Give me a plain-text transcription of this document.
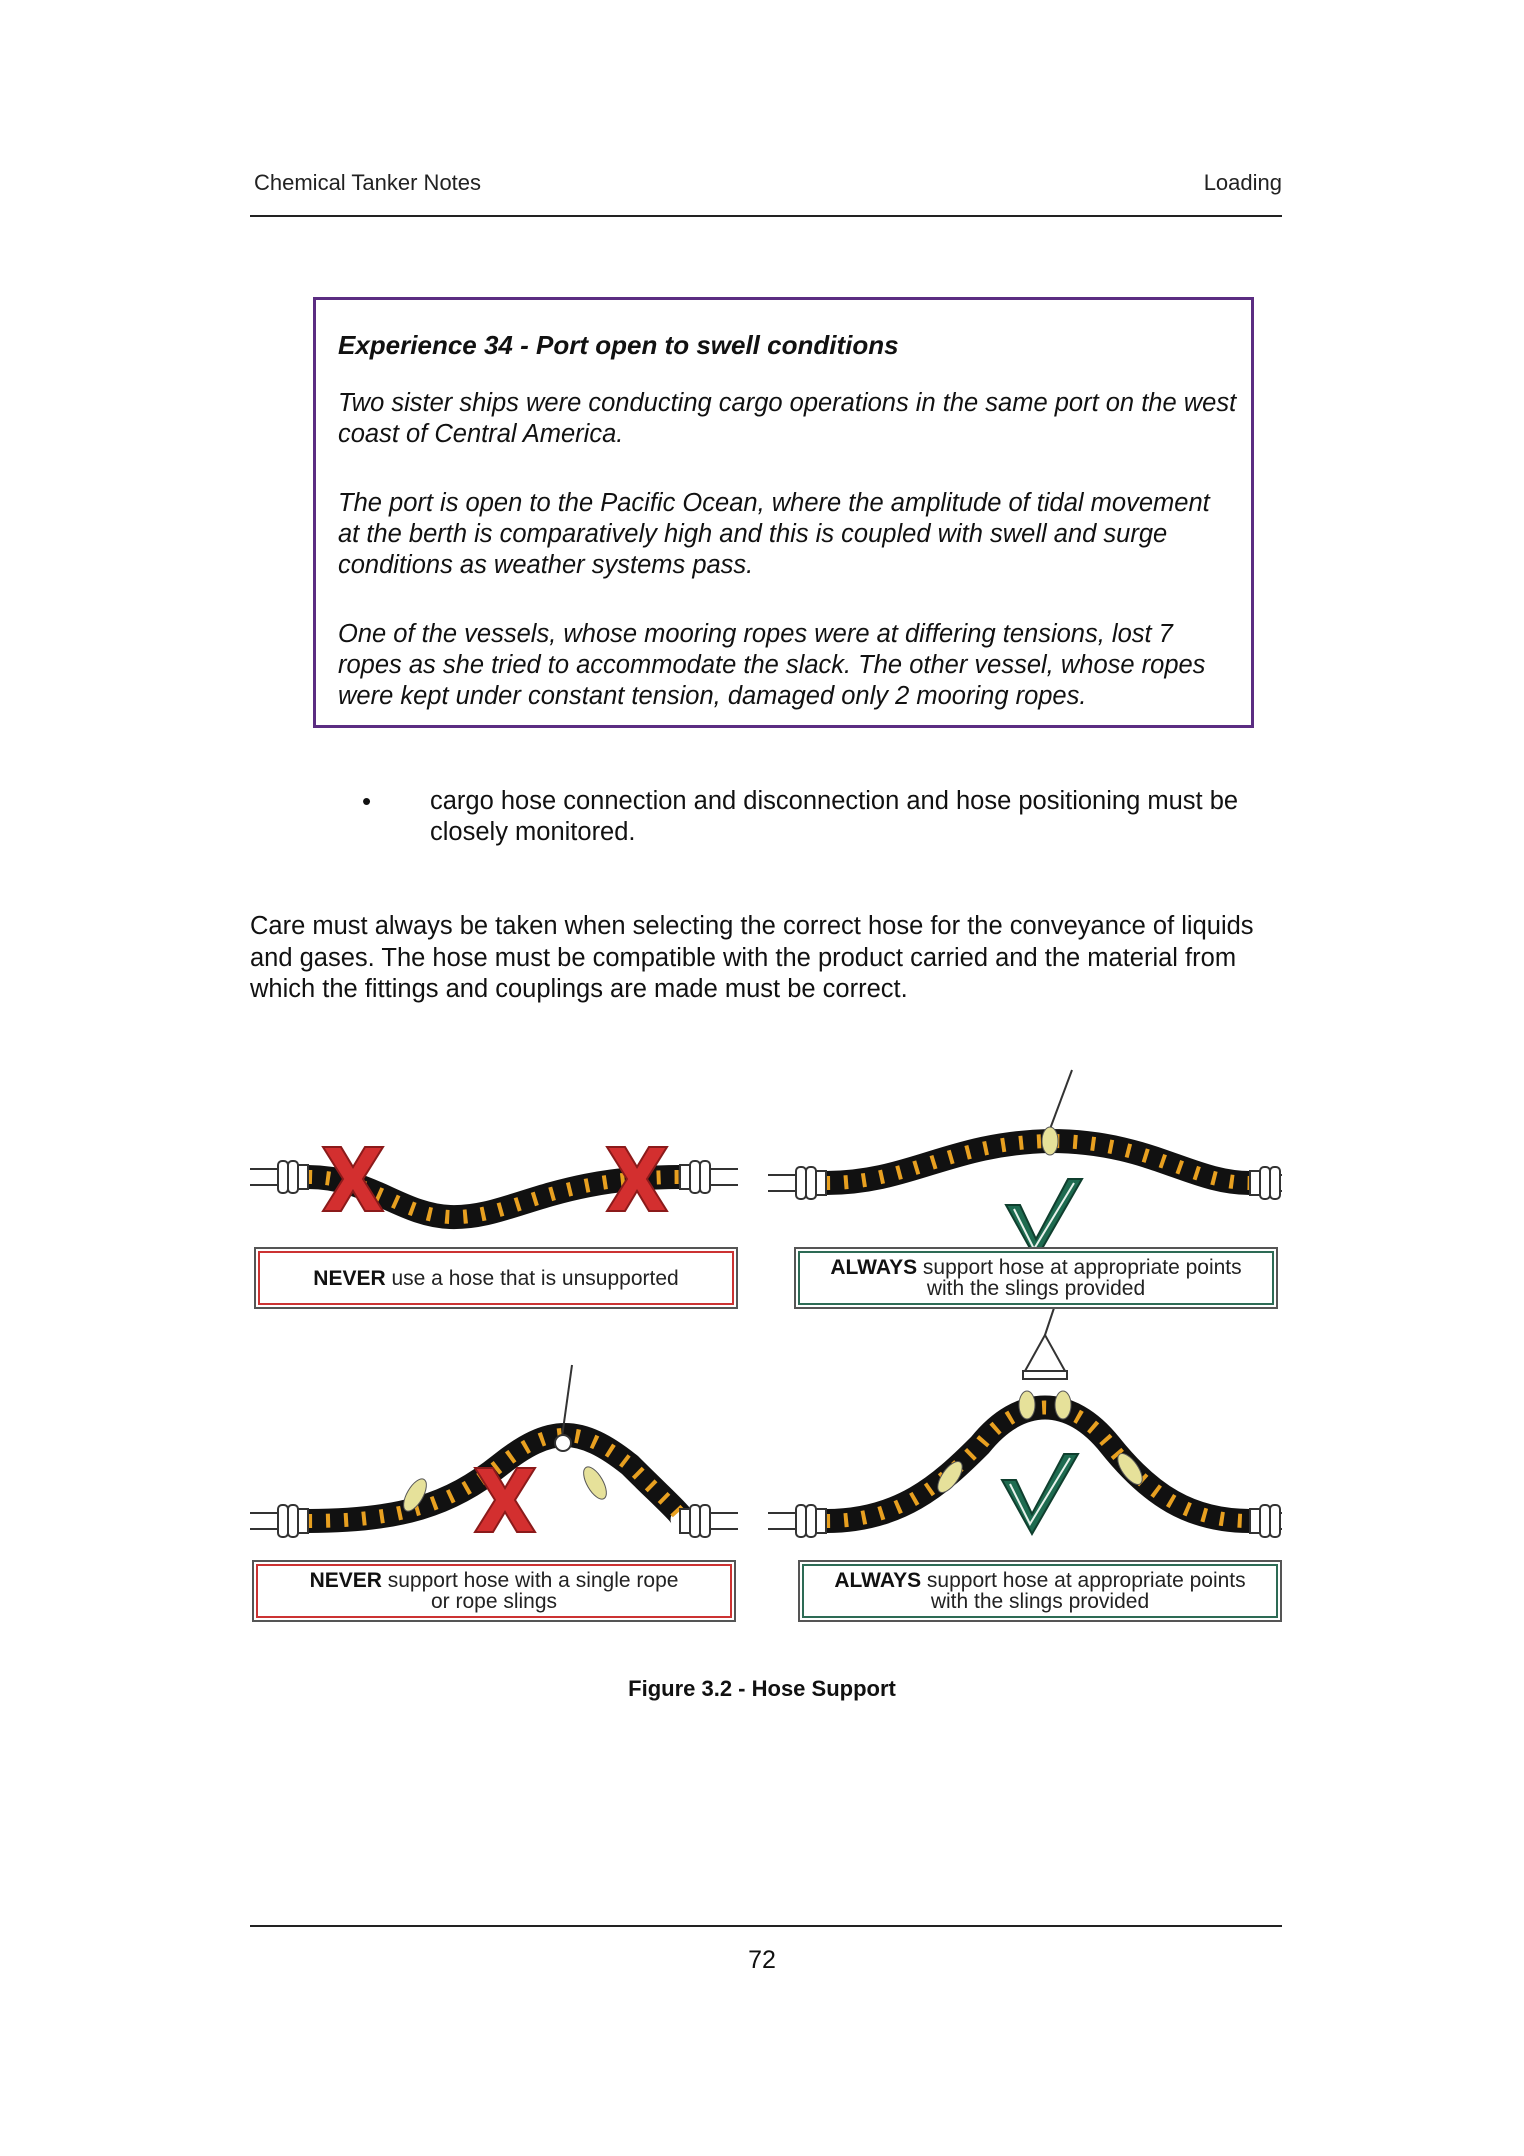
Chemical Tanker Notes	Loading
Experience 34 - Port open to swell conditions

Two sister ships were conducting cargo operations in the same port on the west coast of Central America.

The port is open to the Pacific Ocean, where the amplitude of tidal movement at the berth is comparatively high and this is coupled with swell and surge conditions as weather systems pass.

One of the vessels, whose mooring ropes were at differing tensions, lost 7 ropes as she tried to accommodate the slack. The other vessel, whose ropes were kept under constant tension, damaged only 2 mooring ropes.

• cargo hose connection and disconnection and hose positioning must be closely monitored.
Care must always be taken when selecting the correct hose for the conveyance of liquids and gases. The hose must be compatible with the product carried and the material from which the fittings and couplings are made must be correct.
NEVER use a hose that is unsupported	ALWAYS support hose at appropriate points
with the slings provided
NEVER support hose with a single rope
or rope slings
ALWAYS support hose at appropriate points
with the slings provided
Figure 3.2 - Hose Support
72
